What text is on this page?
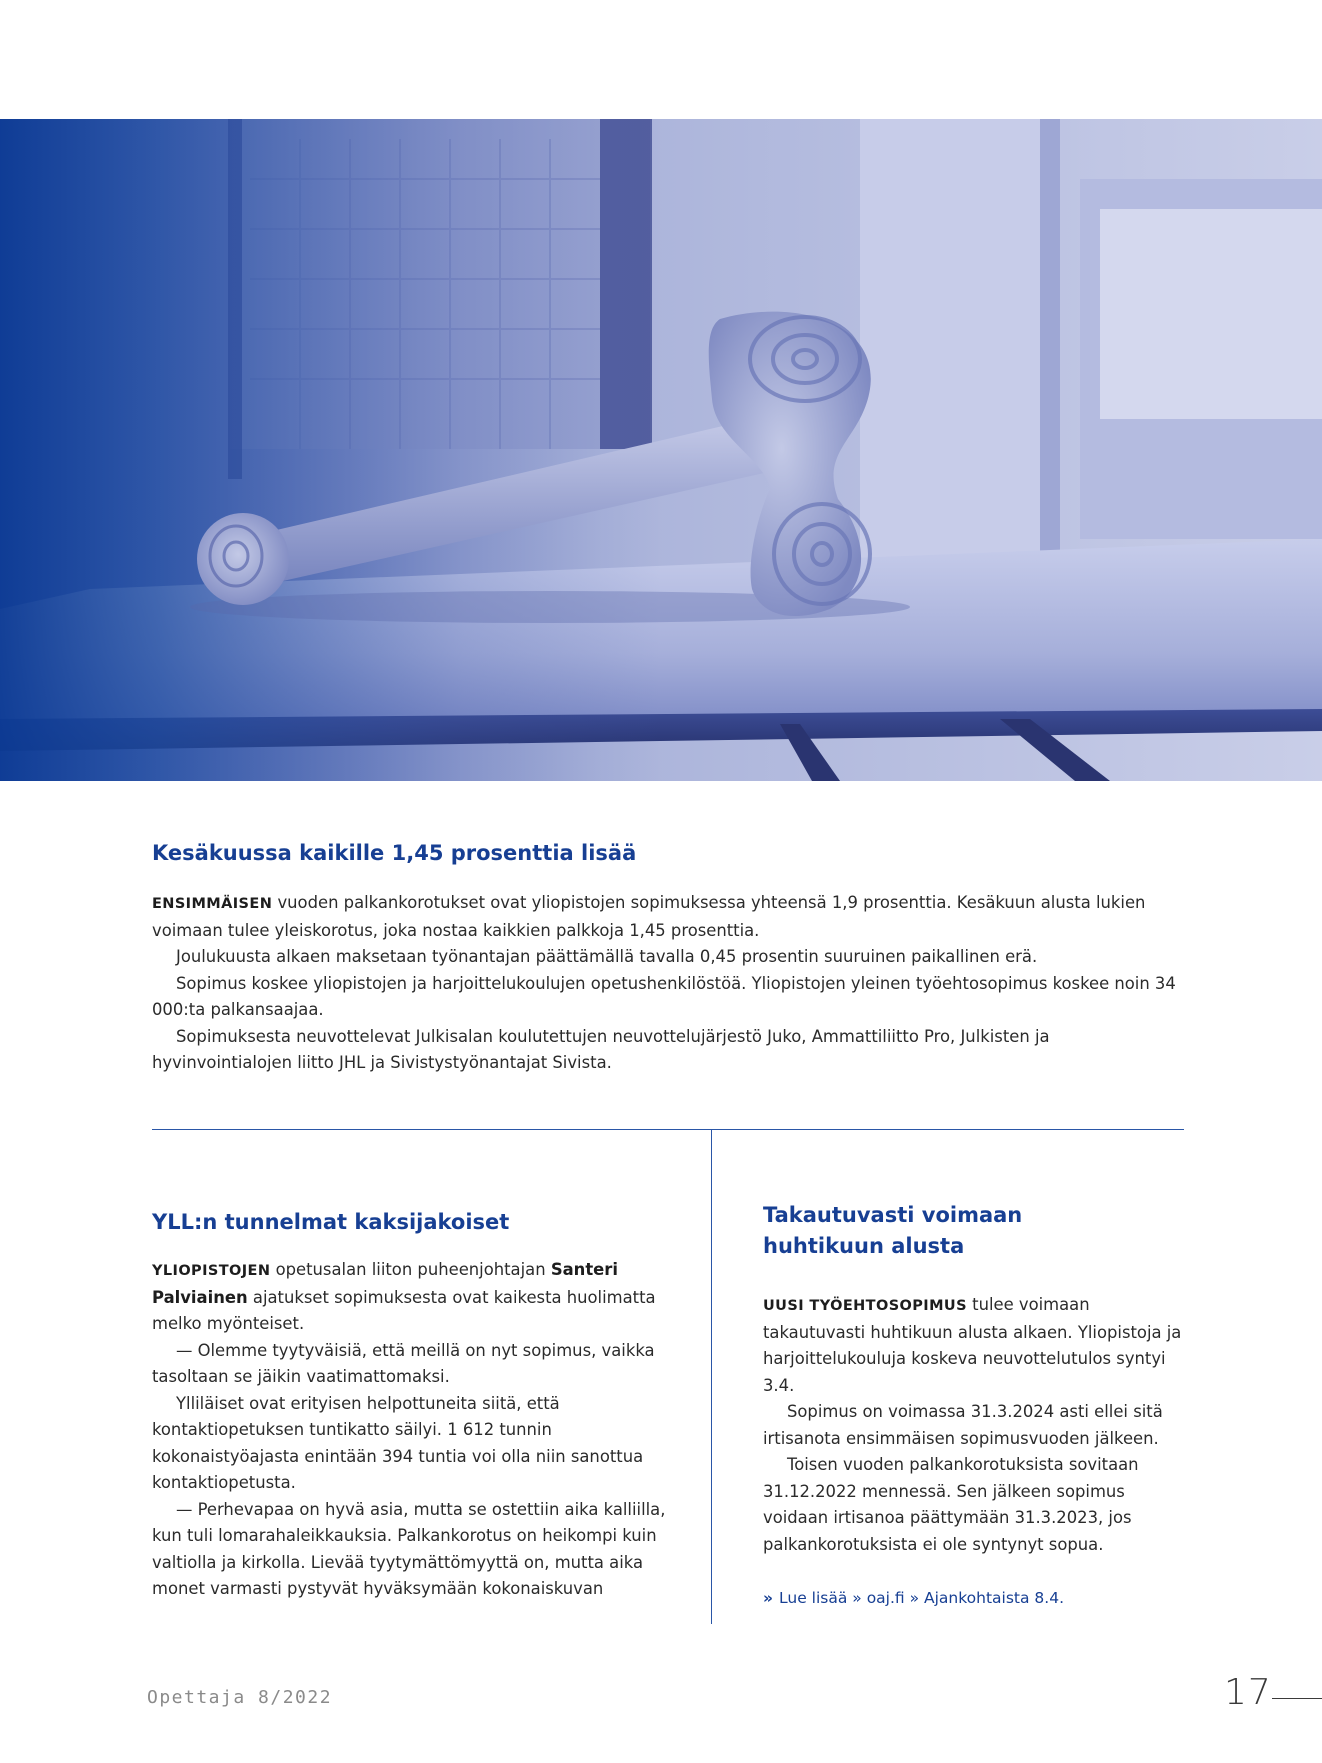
Kesäkuussa kaikille 1,45 prosenttia lisää

ENSIMMÄISEN vuoden palkankorotukset ovat yliopistojen sopimuksessa yhteensä 1,9 prosenttia. Kesäkuun alusta lukien voimaan tulee yleiskorotus, joka nostaa kaikkien palkkoja 1,45 prosenttia.

Joulukuusta alkaen maksetaan työnantajan päättämällä tavalla 0,45 prosentin suuruinen paikallinen erä.

Sopimus koskee yliopistojen ja harjoittelukoulujen opetushenkilöstöä. Yliopistojen yleinen työehtosopimus koskee noin 34 000:ta palkansaajaa.

Sopimuksesta neuvottelevat Julkisalan koulutettujen neuvottelujärjestö Juko, Ammattiliitto Pro, Julkisten ja hyvinvointialojen liitto JHL ja Sivistystyönantajat Sivista.

YLL:n tunnelmat kaksijakoiset

YLIOPISTOJEN opetusalan liiton puheenjohtajan Santeri Palviainen ajatukset sopimuksesta ovat kaikesta huolimatta melko myönteiset.

— Olemme tyytyväisiä, että meillä on nyt sopimus, vaikka tasoltaan se jäikin vaatimattomaksi.

Ylliläiset ovat erityisen helpottuneita siitä, että kontaktiopetuksen tuntikatto säilyi. 1 612 tunnin kokonaistyöajasta enintään 394 tuntia voi olla niin sanottua kontaktiopetusta.

— Perhevapaa on hyvä asia, mutta se ostettiin aika kalliilla, kun tuli lomarahaleikkauksia. Palkankorotus on heikompi kuin valtiolla ja kirkolla. Lievää tyytymättömyyttä on, mutta aika monet varmasti pystyvät hyväksymään kokonaiskuvan

Takautuvasti voimaan
huhtikuun alusta

UUSI TYÖEHTOSOPIMUS tulee voimaan takautuvasti huhtikuun alusta alkaen. Yliopistoja ja harjoittelukouluja koskeva neuvottelutulos syntyi 3.4.

Sopimus on voimassa 31.3.2024 asti ellei sitä irtisanota ensimmäisen sopimusvuoden jälkeen.

Toisen vuoden palkankorotuksista sovitaan 31.12.2022 mennessä. Sen jälkeen sopimus voidaan irtisanoa päättymään 31.3.2023, jos palkankorotuksista ei ole syntynyt sopua.

» Lue lisää » oaj.fi » Ajankohtaista 8.4.
Opettaja 8/2022	17
